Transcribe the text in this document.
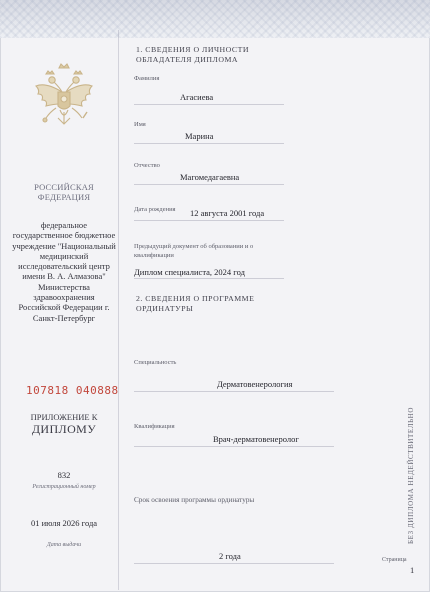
РОССИЙСКАЯ ФЕДЕРАЦИЯ
федеральное государственное бюджетное учреждение "Национальный медицинский исследовательский центр имени В. А. Алмазова" Министерства здравоохранения Российской Федерации г. Санкт-Петербург
107818 040888
ПРИЛОЖЕНИЕ К
ДИПЛОМУ
832
Регистрационный номер
01 июля 2026 года
Дата выдачи
1. СВЕДЕНИЯ О ЛИЧНОСТИ ОБЛАДАТЕЛЯ ДИПЛОМА
Фамилия
Агасиева
Имя
Марина
Отчество
Магомедагаевна
Дата рождения 12 августа 2001 года
Предыдущий документ об образовании и о квалификации
Диплом специалиста, 2024 год
2. СВЕДЕНИЯ О ПРОГРАММЕ ОРДИНАТУРЫ
Специальность
Дерматовенерология
Квалификация
Врач-дерматовенеролог
Срок освоения программы ординатуры
2 года
БЕЗ ДИПЛОМА НЕДЕЙСТВИТЕЛЬНО
Страница
1
